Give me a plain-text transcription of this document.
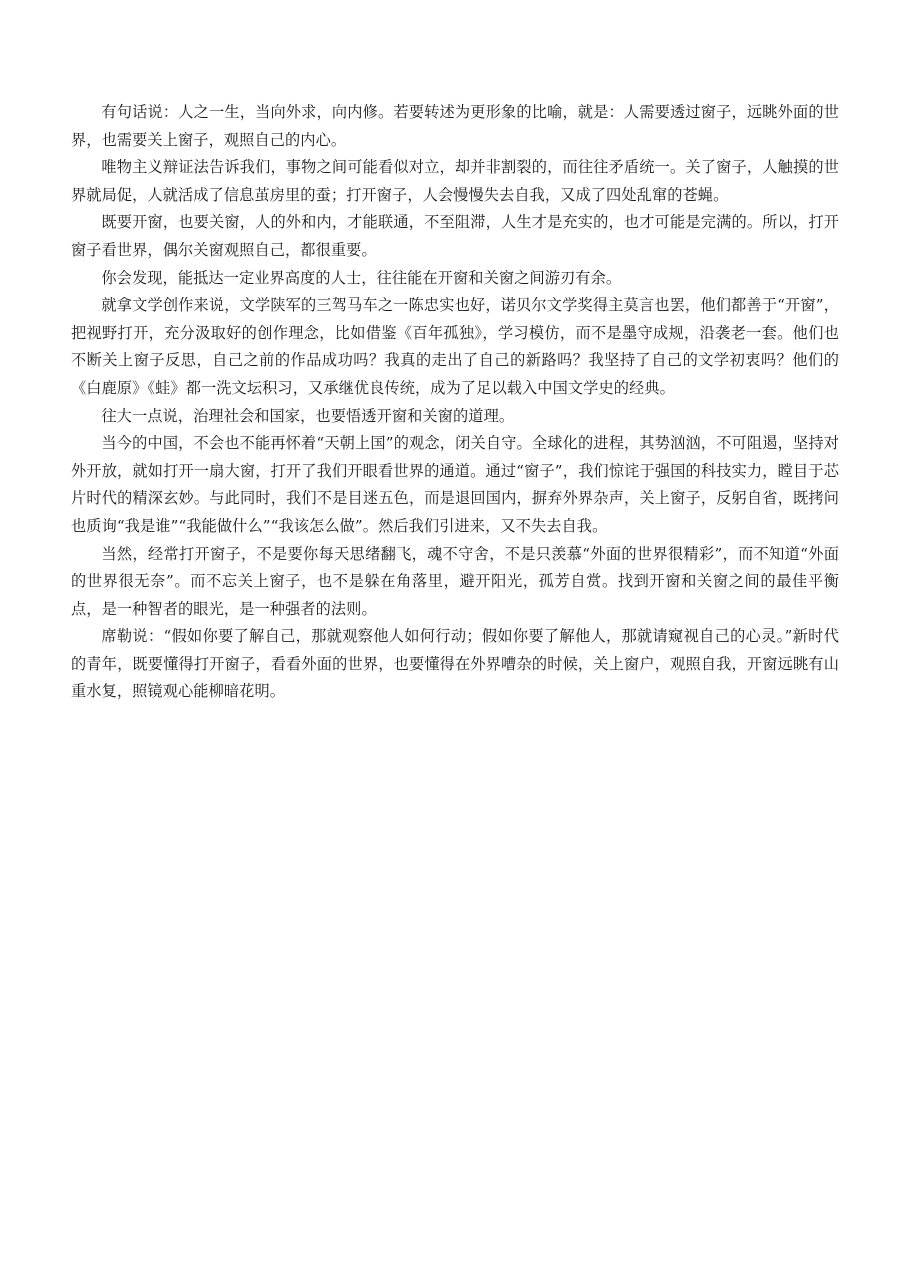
有句话说：人之一生，当向外求，向内修。若要转述为更形象的比喻，就是：人需要透过窗子，远眺外面的世界，也需要关上窗子，观照自己的内心。

唯物主义辩证法告诉我们，事物之间可能看似对立，却并非割裂的，而往往矛盾统一。关了窗子，人触摸的世界就局促，人就活成了信息茧房里的蚕；打开窗子，人会慢慢失去自我，又成了四处乱窜的苍蝇。

既要开窗，也要关窗，人的外和内，才能联通，不至阻滞，人生才是充实的，也才可能是完满的。所以，打开窗子看世界，偶尔关窗观照自己，都很重要。

你会发现，能抵达一定业界高度的人士，往往能在开窗和关窗之间游刃有余。

就拿文学创作来说，文学陕军的三驾马车之一陈忠实也好，诺贝尔文学奖得主莫言也罢，他们都善于“开窗”，把视野打开，充分汲取好的创作理念，比如借鉴《百年孤独》，学习模仿，而不是墨守成规，沿袭老一套。他们也不断关上窗子反思，自己之前的作品成功吗？我真的走出了自己的新路吗？我坚持了自己的文学初衷吗？他们的《白鹿原》《蛙》都一洗文坛积习，又承继优良传统，成为了足以载入中国文学史的经典。

往大一点说，治理社会和国家，也要悟透开窗和关窗的道理。

当今的中国，不会也不能再怀着“天朝上国”的观念，闭关自守。全球化的进程，其势汹汹，不可阻遏，坚持对外开放，就如打开一扇大窗，打开了我们开眼看世界的通道。通过“窗子”，我们惊诧于强国的科技实力，瞠目于芯片时代的精深玄妙。与此同时，我们不是目迷五色，而是退回国内，摒弃外界杂声，关上窗子，反躬自省，既拷问也质询“我是谁”“我能做什么”“我该怎么做”。然后我们引进来，又不失去自我。

当然，经常打开窗子，不是要你每天思绪翻飞，魂不守舍，不是只羡慕“外面的世界很精彩”，而不知道“外面的世界很无奈”。而不忘关上窗子，也不是躲在角落里，避开阳光，孤芳自赏。找到开窗和关窗之间的最佳平衡点，是一种智者的眼光，是一种强者的法则。

席勒说：“假如你要了解自己，那就观察他人如何行动；假如你要了解他人，那就请窥视自己的心灵。”新时代的青年，既要懂得打开窗子，看看外面的世界，也要懂得在外界嘈杂的时候，关上窗户，观照自我，开窗远眺有山重水复，照镜观心能柳暗花明。
